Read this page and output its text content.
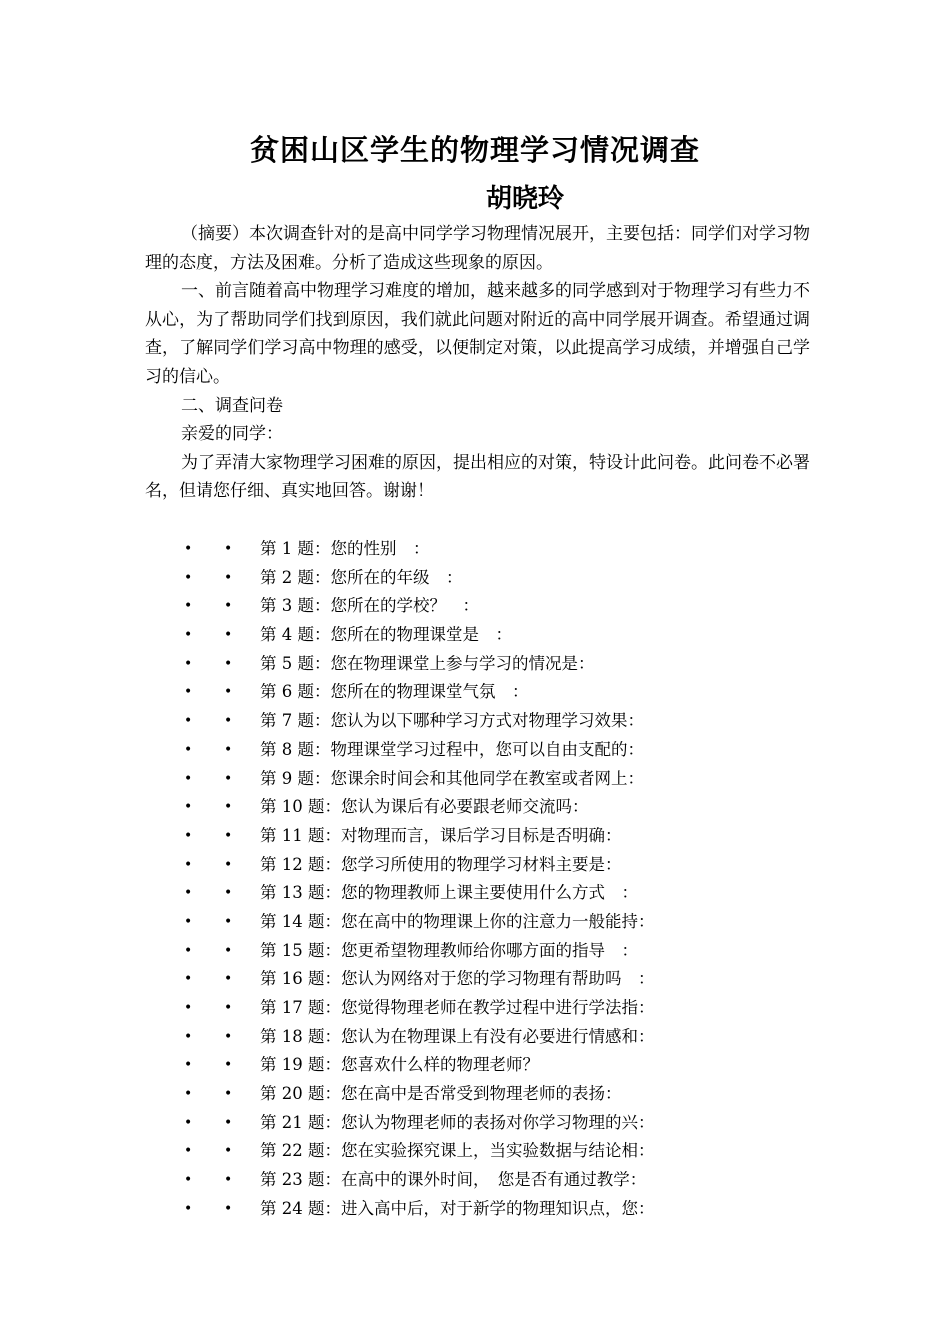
贫困山区学生的物理学习情况调查
胡晓玲

（摘要）本次调查针对的是高中同学学习物理情况展开，主要包括：同学们对学习物理的态度，方法及困难。分析了造成这些现象的原因。

一、前言随着高中物理学习难度的增加，越来越多的同学感到对于物理学习有些力不从心，为了帮助同学们找到原因，我们就此问题对附近的高中同学展开调查。希望通过调查，了解同学们学习高中物理的感受，以便制定对策，以此提高学习成绩，并增强自己学习的信心。

二、调查问卷

亲爱的同学：

为了弄清大家物理学习困难的原因，提出相应的对策，特设计此问卷。此问卷不必署名，但请您仔细、真实地回答。谢谢！

•	•	第 1 题：您的性别　：
•	•	第 2 题：您所在的年级　：
•	•	第 3 题：您所在的学校？　：
•	•	第 4 题：您所在的物理课堂是　：
•	•	第 5 题：您在物理课堂上参与学习的情况是：
•	•	第 6 题：您所在的物理课堂气氛　：
•	•	第 7 题：您认为以下哪种学习方式对物理学习效果：
•	•	第 8 题：物理课堂学习过程中，您可以自由支配的：
•	•	第 9 题：您课余时间会和其他同学在教室或者网上：
•	•	第 10 题：您认为课后有必要跟老师交流吗：
•	•	第 11 题：对物理而言，课后学习目标是否明确：
•	•	第 12 题：您学习所使用的物理学习材料主要是：
•	•	第 13 题：您的物理教师上课主要使用什么方式　：
•	•	第 14 题：您在高中的物理课上你的注意力一般能持：
•	•	第 15 题：您更希望物理教师给你哪方面的指导　：
•	•	第 16 题：您认为网络对于您的学习物理有帮助吗　：
•	•	第 17 题：您觉得物理老师在教学过程中进行学法指：
•	•	第 18 题：您认为在物理课上有没有必要进行情感和：
•	•	第 19 题：您喜欢什么样的物理老师？
•	•	第 20 题：您在高中是否常受到物理老师的表扬：
•	•	第 21 题：您认为物理老师的表扬对你学习物理的兴：
•	•	第 22 题：您在实验探究课上，当实验数据与结论相：
•	•	第 23 题：在高中的课外时间，　您是否有通过教学：
•	•	第 24 题：进入高中后，对于新学的物理知识点，您：
